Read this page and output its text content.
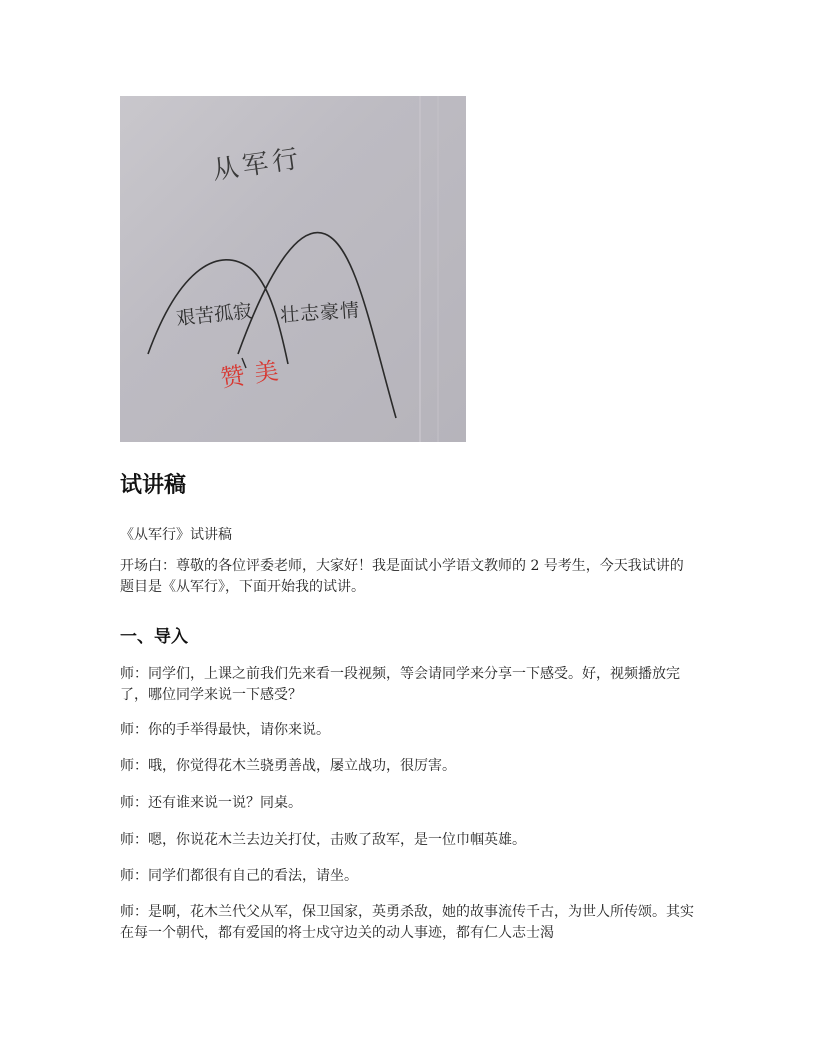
从军行
艰苦孤寂 壮志豪情
赞美
试讲稿
《从军行》试讲稿

开场白：尊敬的各位评委老师，大家好！我是面试小学语文教师的 2 号考生，今天我试讲的题目是《从军行》，下面开始我的试讲。

一、导入

师：同学们，上课之前我们先来看一段视频，等会请同学来分享一下感受。好，视频播放完了，哪位同学来说一下感受？

师：你的手举得最快，请你来说。

师：哦，你觉得花木兰骁勇善战，屡立战功，很厉害。

师：还有谁来说一说？同桌。

师：嗯，你说花木兰去边关打仗，击败了敌军，是一位巾帼英雄。

师：同学们都很有自己的看法，请坐。

师：是啊，花木兰代父从军，保卫国家，英勇杀敌，她的故事流传千古，为世人所传颂。其实在每一个朝代，都有爱国的将士戍守边关的动人事迹，都有仁人志士渴
